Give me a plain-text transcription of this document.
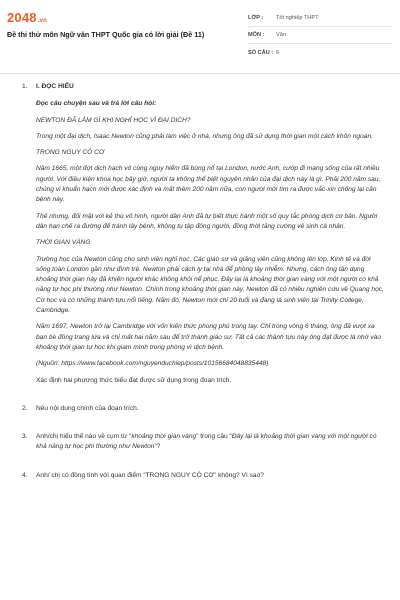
2048.vn
Đề thi thử môn Ngữ văn THPT Quốc gia có lời giải (Đề 11)
LỚP :	Tốt nghiệp THPT
MÔN :	Văn
SỐ CÂU : 6
1.	I. ĐỌC HIỂU

Đọc câu chuyện sau và trả lời câu hỏi:

NEWTON ĐÃ LÀM GÌ KHI NGHỈ HỌC VÌ ĐẠI DỊCH?

Trong một đại dịch, Isaac Newton cũng phải làm việc ở nhà, nhưng ông đã sử dụng thời gian một cách khôn ngoan.

TRONG NGUY CÓ CƠ

Năm 1665, một đợt dịch hạch vô cùng nguy hiểm đã bùng nổ tại London, nước Anh, cướp đi mạng sống của rất nhiều người. Với điều kiện khoa học bấy giờ, người ta không thể biết nguyên nhân của đại dịch này là gì. Phải 200 năm sau, chủng vi khuẩn hạch mới được xác định và mất thêm 200 năm nữa, con người mới tìm ra được vắc-xin chống lại căn bệnh này.

Thế nhưng, đối mặt với kẻ thù vô hình, người dân Anh đã tự biết thực hành một số quy tắc phòng dịch cơ bản. Người dân hạn chế ra đường để tránh lây bệnh, không tụ tập đông người, đồng thời tăng cường vệ sinh cá nhân.

THỜI GIAN VÀNG

Trường học của Newton cũng cho sinh viên nghỉ học. Các giáo sư và giảng viên cũng không lên lớp. Kinh tế và đời sống toàn London gần như đình trệ. Newton phải cách ly tại nhà để phòng lây nhiễm. Nhưng, cách ông tận dụng khoảng thời gian này đã khiến người khác không khỏi nể phục. Đây lại là khoảng thời gian vàng với một người có khả năng tự học phi thường như Newton. Chính trong khoảng thời gian này, Newton đã có nhiều nghiên cứu về Quang học, Cơ học và có những thành tựu nổi tiếng. Năm đó, Newton mới chỉ 20 tuổi và đang là sinh viên tại Trinity College, Cambridge.

Năm 1697, Newton trở lại Cambridge với vốn kiến thức phong phú trong tay. Chỉ trong vòng 6 tháng, ông đã vượt xa bạn bè đồng trang lứa và chỉ mất hai năm sau để trở thành giáo sư. Tất cả các thành tựu này ông đạt được là nhờ vào khoảng thời gian tự học khi giam mình trong phòng vì dịch bệnh.

(Nguồn: https://www.facebook.com/nguyenduchiep/posts/10156684048835448)

Xác định hai phương thức biểu đạt được sử dụng trong đoạn trích.

2.	Nêu nội dung chính của đoạn trích.
3.	Anh/chị hiểu thế nào về cụm từ “khoảng thời gian vàng” trong câu “Đây lại là khoảng thời gian vàng với một người có khả năng tự học phi thường như Newton”?
4.	Anh/ chị có đồng tình với quan điểm “TRONG NGUY CÓ CƠ” không? Vì sao?
